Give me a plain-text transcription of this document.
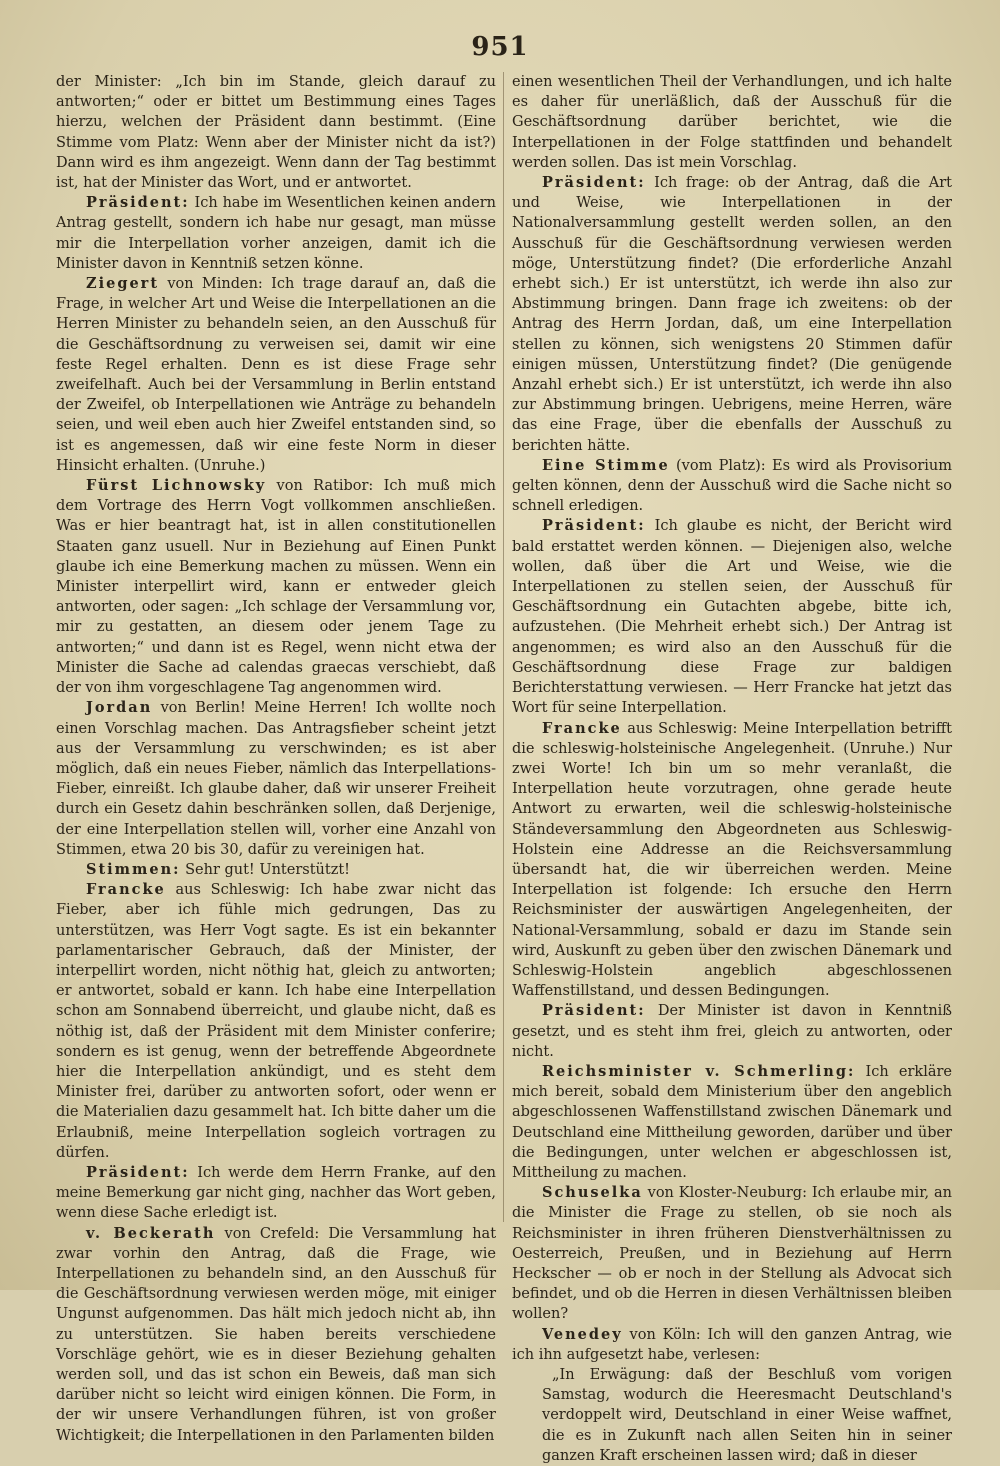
951

der Minister: „Ich bin im Stande, gleich darauf zu antworten;“ oder er bittet um Bestimmung eines Tages hierzu, welchen der Präsident dann bestimmt. (Eine Stimme vom Platz: Wenn aber der Minister nicht da ist?) Dann wird es ihm angezeigt. Wenn dann der Tag bestimmt ist, hat der Minister das Wort, und er antwortet.

Präsident: Ich habe im Wesentlichen keinen andern Antrag gestellt, sondern ich habe nur gesagt, man müsse mir die Interpellation vorher anzeigen, damit ich die Minister davon in Kenntniß setzen könne.

Ziegert von Minden: Ich trage darauf an, daß die Frage, in welcher Art und Weise die Interpellationen an die Herren Minister zu behandeln seien, an den Ausschuß für die Geschäftsordnung zu verweisen sei, damit wir eine feste Regel erhalten. Denn es ist diese Frage sehr zweifelhaft. Auch bei der Versammlung in Berlin entstand der Zweifel, ob Interpellationen wie Anträge zu behandeln seien, und weil eben auch hier Zweifel entstanden sind, so ist es angemessen, daß wir eine feste Norm in dieser Hinsicht erhalten. (Unruhe.)

Fürst Lichnowsky von Ratibor: Ich muß mich dem Vortrage des Herrn Vogt vollkommen anschließen. Was er hier beantragt hat, ist in allen constitutionellen Staaten ganz usuell. Nur in Beziehung auf Einen Punkt glaube ich eine Bemerkung machen zu müssen. Wenn ein Minister interpellirt wird, kann er entweder gleich antworten, oder sagen: „Ich schlage der Versammlung vor, mir zu gestatten, an diesem oder jenem Tage zu antworten;“ und dann ist es Regel, wenn nicht etwa der Minister die Sache ad calendas graecas verschiebt, daß der von ihm vorgeschlagene Tag angenommen wird.

Jordan von Berlin! Meine Herren! Ich wollte noch einen Vorschlag machen. Das Antragsfieber scheint jetzt aus der Versammlung zu verschwinden; es ist aber möglich, daß ein neues Fieber, nämlich das Interpellations-Fieber, einreißt. Ich glaube daher, daß wir unserer Freiheit durch ein Gesetz dahin beschränken sollen, daß Derjenige, der eine Interpellation stellen will, vorher eine Anzahl von Stimmen, etwa 20 bis 30, dafür zu vereinigen hat.

Stimmen: Sehr gut! Unterstützt!

Francke aus Schleswig: Ich habe zwar nicht das Fieber, aber ich fühle mich gedrungen, Das zu unterstützen, was Herr Vogt sagte. Es ist ein bekannter parlamentarischer Gebrauch, daß der Minister, der interpellirt worden, nicht nöthig hat, gleich zu antworten; er antwortet, sobald er kann. Ich habe eine Interpellation schon am Sonnabend überreicht, und glaube nicht, daß es nöthig ist, daß der Präsident mit dem Minister conferire; sondern es ist genug, wenn der betreffende Abgeordnete hier die Interpellation ankündigt, und es steht dem Minister frei, darüber zu antworten sofort, oder wenn er die Materialien dazu gesammelt hat. Ich bitte daher um die Erlaubniß, meine Interpellation sogleich vortragen zu dürfen.

Präsident: Ich werde dem Herrn Franke, auf den meine Bemerkung gar nicht ging, nachher das Wort geben, wenn diese Sache erledigt ist.

v. Beckerath von Crefeld: Die Versammlung hat zwar vorhin den Antrag, daß die Frage, wie Interpellationen zu behandeln sind, an den Ausschuß für die Geschäftsordnung verwiesen werden möge, mit einiger Ungunst aufgenommen. Das hält mich jedoch nicht ab, ihn zu unterstützen. Sie haben bereits verschiedene Vorschläge gehört, wie es in dieser Beziehung gehalten werden soll, und das ist schon ein Beweis, daß man sich darüber nicht so leicht wird einigen können. Die Form, in der wir unsere Verhandlungen führen, ist von großer Wichtigkeit; die Interpellationen in den Parlamenten bilden

einen wesentlichen Theil der Verhandlungen, und ich halte es daher für unerläßlich, daß der Ausschuß für die Geschäftsordnung darüber berichtet, wie die Interpellationen in der Folge stattfinden und behandelt werden sollen. Das ist mein Vorschlag.

Präsident: Ich frage: ob der Antrag, daß die Art und Weise, wie Interpellationen in der Nationalversammlung gestellt werden sollen, an den Ausschuß für die Geschäftsordnung verwiesen werden möge, Unterstützung findet? (Die erforderliche Anzahl erhebt sich.) Er ist unterstützt, ich werde ihn also zur Abstimmung bringen. Dann frage ich zweitens: ob der Antrag des Herrn Jordan, daß, um eine Interpellation stellen zu können, sich wenigstens 20 Stimmen dafür einigen müssen, Unterstützung findet? (Die genügende Anzahl erhebt sich.) Er ist unterstützt, ich werde ihn also zur Abstimmung bringen. Uebrigens, meine Herren, wäre das eine Frage, über die ebenfalls der Ausschuß zu berichten hätte.

Eine Stimme (vom Platz): Es wird als Provisorium gelten können, denn der Ausschuß wird die Sache nicht so schnell erledigen.

Präsident: Ich glaube es nicht, der Bericht wird bald erstattet werden können. — Diejenigen also, welche wollen, daß über die Art und Weise, wie die Interpellationen zu stellen seien, der Ausschuß für Geschäftsordnung ein Gutachten abgebe, bitte ich, aufzustehen. (Die Mehrheit erhebt sich.) Der Antrag ist angenommen; es wird also an den Ausschuß für die Geschäftsordnung diese Frage zur baldigen Berichterstattung verwiesen. — Herr Francke hat jetzt das Wort für seine Interpellation.

Francke aus Schleswig: Meine Interpellation betrifft die schleswig-holsteinische Angelegenheit. (Unruhe.) Nur zwei Worte! Ich bin um so mehr veranlaßt, die Interpellation heute vorzutragen, ohne gerade heute Antwort zu erwarten, weil die schleswig-holsteinische Ständeversammlung den Abgeordneten aus Schleswig-Holstein eine Addresse an die Reichsversammlung übersandt hat, die wir überreichen werden. Meine Interpellation ist folgende: Ich ersuche den Herrn Reichsminister der auswärtigen Angelegenheiten, der National-Versammlung, sobald er dazu im Stande sein wird, Auskunft zu geben über den zwischen Dänemark und Schleswig-Holstein angeblich abgeschlossenen Waffenstillstand, und dessen Bedingungen.

Präsident: Der Minister ist davon in Kenntniß gesetzt, und es steht ihm frei, gleich zu antworten, oder nicht.

Reichsminister v. Schmerling: Ich erkläre mich bereit, sobald dem Ministerium über den angeblich abgeschlossenen Waffenstillstand zwischen Dänemark und Deutschland eine Mittheilung geworden, darüber und über die Bedingungen, unter welchen er abgeschlossen ist, Mittheilung zu machen.

Schuselka von Kloster-Neuburg: Ich erlaube mir, an die Minister die Frage zu stellen, ob sie noch als Reichsminister in ihren früheren Dienstverhältnissen zu Oesterreich, Preußen, und in Beziehung auf Herrn Heckscher — ob er noch in der Stellung als Advocat sich befindet, und ob die Herren in diesen Verhältnissen bleiben wollen?

Venedey von Köln: Ich will den ganzen Antrag, wie ich ihn aufgesetzt habe, verlesen:

„In Erwägung: daß der Beschluß vom vorigen Samstag, wodurch die Heeresmacht Deutschland's verdoppelt wird, Deutschland in einer Weise waffnet, die es in Zukunft nach allen Seiten hin in seiner ganzen Kraft erscheinen lassen wird; daß in dieser
